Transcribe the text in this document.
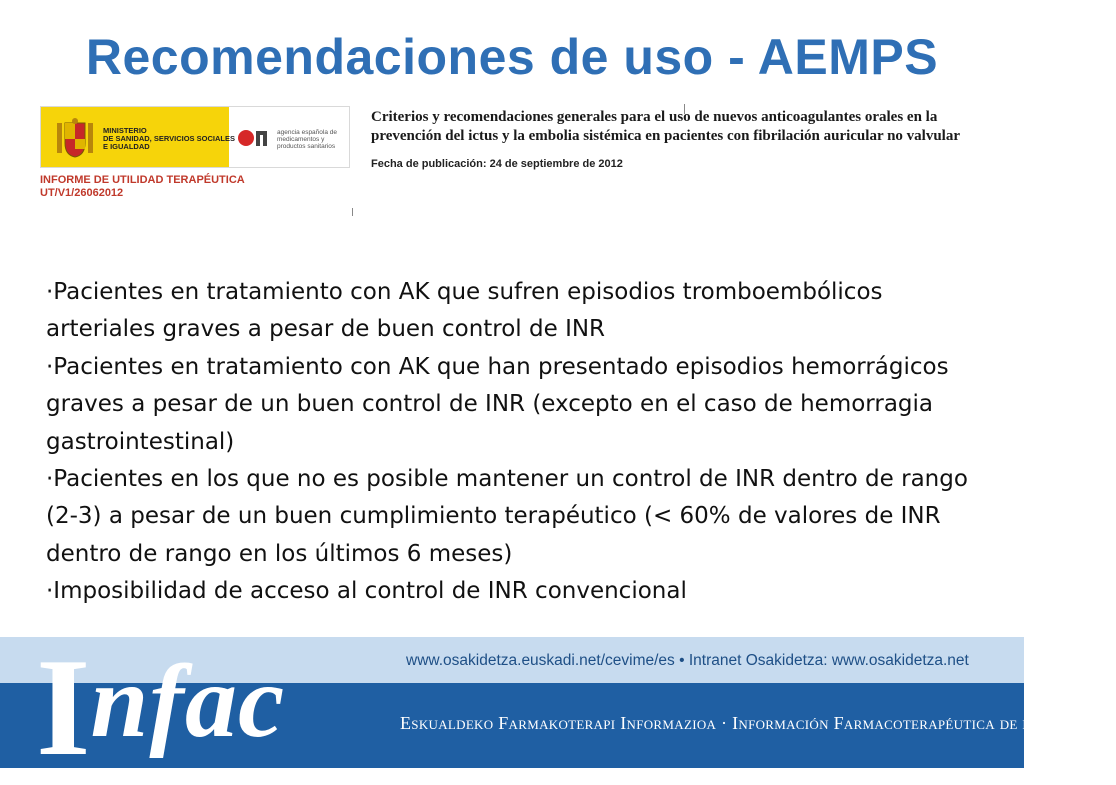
Recomendaciones de uso - AEMPS
MINISTERIO
DE SANIDAD, SERVICIOS SOCIALES
E IGUALDAD
agencia española de
medicamentos y
productos sanitarios
INFORME DE UTILIDAD TERAPÉUTICA
UT/V1/26062012
Criterios y recomendaciones generales para el uso de nuevos anticoagulantes orales en la prevención del ictus y la embolia sistémica en pacientes con fibrilación auricular no valvular
Fecha de publicación: 24 de septiembre de 2012

·Pacientes en tratamiento con AK que sufren episodios tromboembólicos arteriales graves a pesar de buen control de INR

·Pacientes en tratamiento con AK que han presentado episodios hemorrágicos graves a pesar de un buen control de INR (excepto en el caso de hemorragia gastrointestinal)

·Pacientes en los que no es posible mantener un control de INR dentro de rango (2-3) a pesar de un buen cumplimiento terapéutico (< 60% de valores de INR dentro de rango en los últimos 6 meses)

·Imposibilidad de acceso al control de INR convencional

www.osakidetza.euskadi.net/cevime/es • Intranet Osakidetza: www.osakidetza.net
Infac	Eskualdeko Farmakoterapi Informazioa · Información Farmacoterapéutica de la Comarca
